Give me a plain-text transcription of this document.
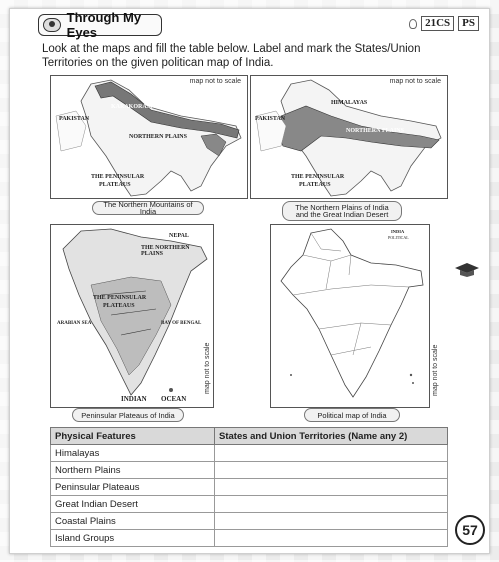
Through My Eyes
21CS	PS
Look at the maps and fill the table below. Label and mark the States/Union Territories on the given politican map of India.
PAKISTAN
KARAKORAM
NORTHERN PLAINS
THE PENINSULAR
PLATEAUS
map not to scale
The Northern Mountains of India
PAKISTAN
HIMALAYAS
NORTHERN PLAINS
THE PENINSULAR
PLATEAUS
map not to scale
The Northern Plains of India
and the Great Indian Desert
NEPAL
THE NORTHERN PLAINS
THE PENINSULAR
PLATEAUS
ARABIAN SEA	BAY OF BENGAL
INDIAN OCEAN
map not to scale
Peninsular Plateaus of India
INDIA
POLITICAL
map not to scale
Political map of India
Physical Features	States and Union Territories (Name any 2)
Himalayas	
Northern Plains	
Peninsular Plateaus	
Great Indian Desert	
Coastal Plains	
Island Groups		57
